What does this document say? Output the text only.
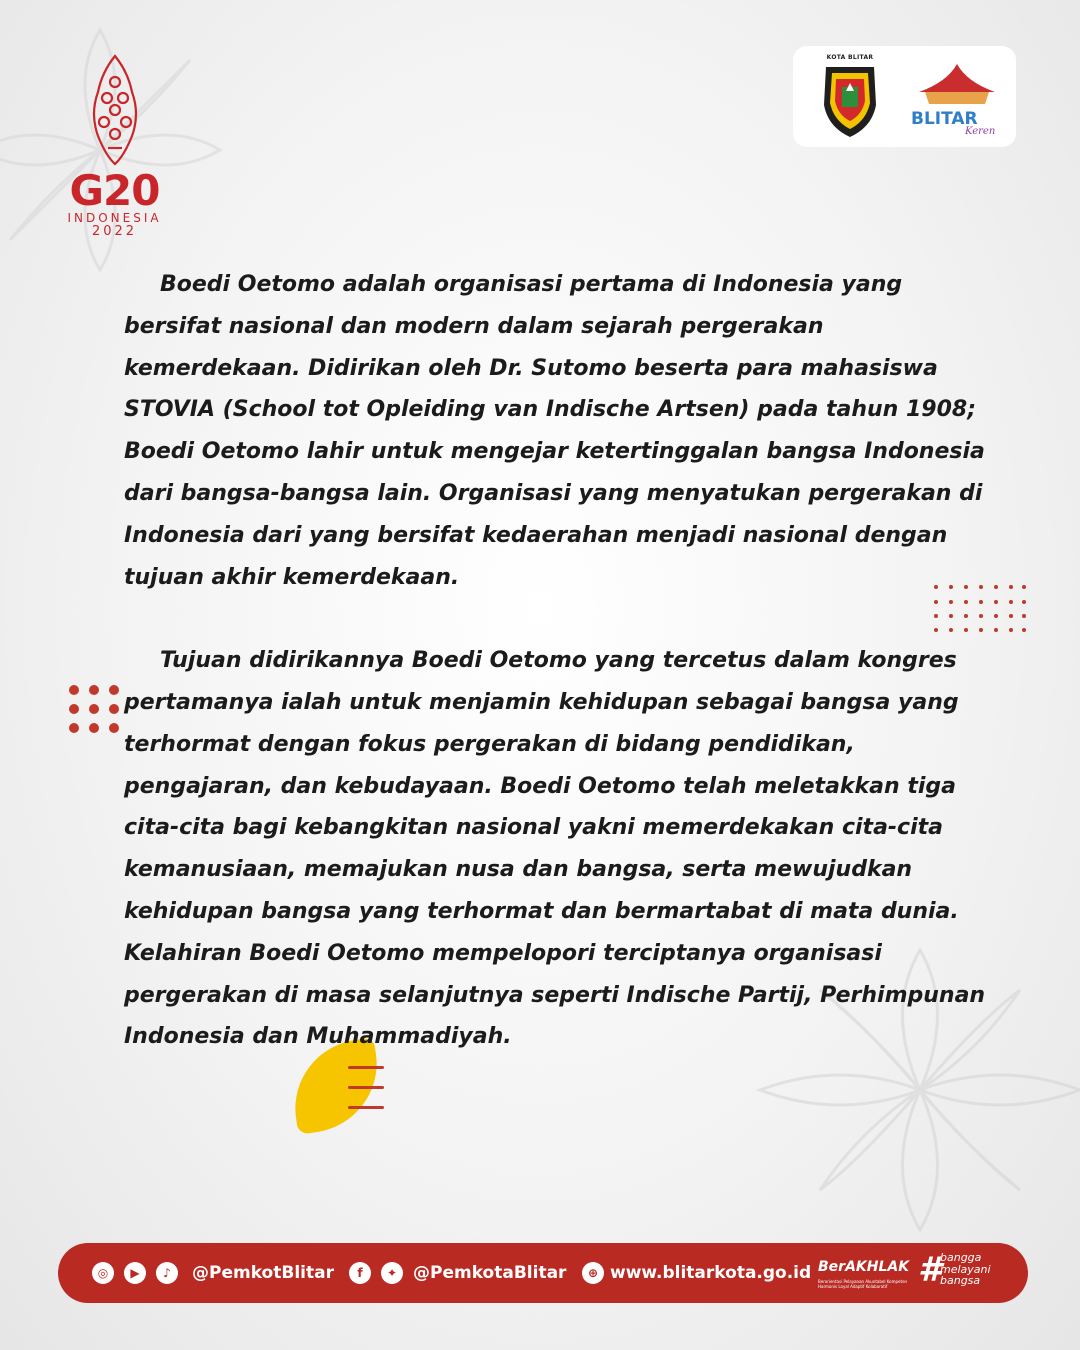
G20
INDONESIA
2022
KOTA BLITAR
BLITAR
Keren

Boedi Oetomo adalah organisasi pertama di Indonesia yang bersifat nasional dan modern dalam sejarah pergerakan kemerdekaan. Didirikan oleh Dr. Sutomo beserta para mahasiswa STOVIA (School tot Opleiding van Indische Artsen) pada tahun 1908; Boedi Oetomo lahir untuk mengejar ketertinggalan bangsa Indonesia dari bangsa-bangsa lain. Organisasi yang menyatukan pergerakan di Indonesia dari yang bersifat kedaerahan menjadi nasional dengan tujuan akhir kemerdekaan.

Tujuan didirikannya Boedi Oetomo yang tercetus dalam kongres pertamanya ialah untuk menjamin kehidupan sebagai bangsa yang terhormat dengan fokus pergerakan di bidang pendidikan, pengajaran, dan kebudayaan. Boedi Oetomo telah meletakkan tiga cita-cita bagi kebangkitan nasional yakni memerdekakan cita-cita kemanusiaan, memajukan nusa dan bangsa, serta mewujudkan kehidupan bangsa yang terhormat dan bermartabat di mata dunia. Kelahiran Boedi Oetomo mempelopori terciptanya organisasi pergerakan di masa selanjutnya seperti Indische Partij, Perhimpunan Indonesia dan Muhammadiyah.

◎	▶	♪	@PemkotBlitar	f	✦ @PemkotaBlitar	⊕ www.blitarkota.go.id BerAKHLAK
Berorientasi Pelayanan Akuntabel Kompeten Harmonis Loyal Adaptif Kolaboratif #
bangga
melayani
bangsa
